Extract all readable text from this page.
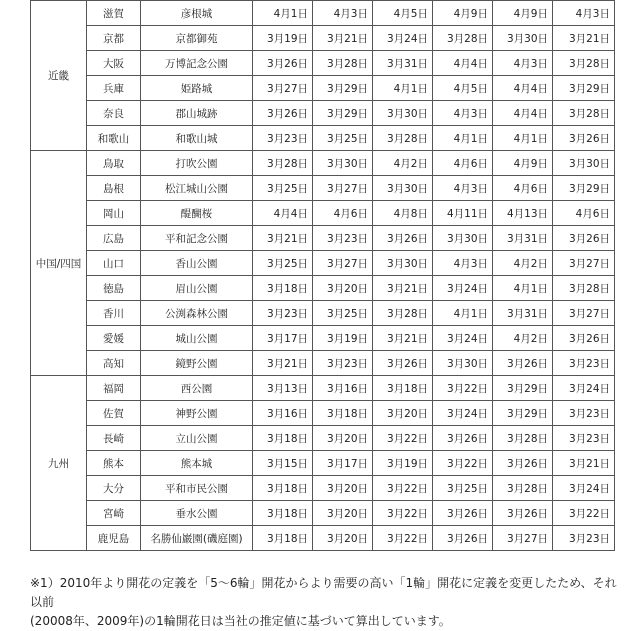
近畿	滋賀	彦根城	4月1日	4月3日	4月5日	4月9日	4月9日	4月3日
	京都	京都御苑	3月19日	3月21日	3月24日	3月28日	3月30日	3月21日
	大阪	万博記念公園	3月26日	3月28日	3月31日	4月4日	4月3日	3月28日
	兵庫	姫路城	3月27日	3月29日	4月1日	4月5日	4月4日	3月29日
	奈良	郡山城跡	3月26日	3月29日	3月30日	4月3日	4月4日	3月28日
	和歌山	和歌山城	3月23日	3月25日	3月28日	4月1日	4月1日	3月26日
中国/四国	鳥取	打吹公園	3月28日	3月30日	4月2日	4月6日	4月9日	3月30日
	島根	松江城山公園	3月25日	3月27日	3月30日	4月3日	4月6日	3月29日
	岡山	醍醐桜	4月4日	4月6日	4月8日	4月11日	4月13日	4月6日
	広島	平和記念公園	3月21日	3月23日	3月26日	3月30日	3月31日	3月26日
	山口	香山公園	3月25日	3月27日	3月30日	4月3日	4月2日	3月27日
	徳島	眉山公園	3月18日	3月20日	3月21日	3月24日	4月1日	3月28日
	香川	公渕森林公園	3月23日	3月25日	3月28日	4月1日	3月31日	3月27日
	愛媛	城山公園	3月17日	3月19日	3月21日	3月24日	4月2日	3月26日
	高知	鏡野公園	3月21日	3月23日	3月26日	3月30日	3月26日	3月23日
九州	福岡	西公園	3月13日	3月16日	3月18日	3月22日	3月29日	3月24日
	佐賀	神野公園	3月16日	3月18日	3月20日	3月24日	3月29日	3月23日
	長崎	立山公園	3月18日	3月20日	3月22日	3月26日	3月28日	3月23日
	熊本	熊本城	3月15日	3月17日	3月19日	3月22日	3月26日	3月21日
	大分	平和市民公園	3月18日	3月20日	3月22日	3月25日	3月28日	3月24日
	宮崎	垂水公園	3月18日	3月20日	3月22日	3月26日	3月26日	3月22日
	鹿児島	名勝仙巌園(磯庭園)	3月18日	3月20日	3月22日	3月26日	3月27日	3月23日

※1）2010年より開花の定義を「5～6輪」開花からより需要の高い「1輪」開花に定義を変更したため、それ以前

(20008年、2009年)の1輪開花日は当社の推定値に基づいて算出しています。
